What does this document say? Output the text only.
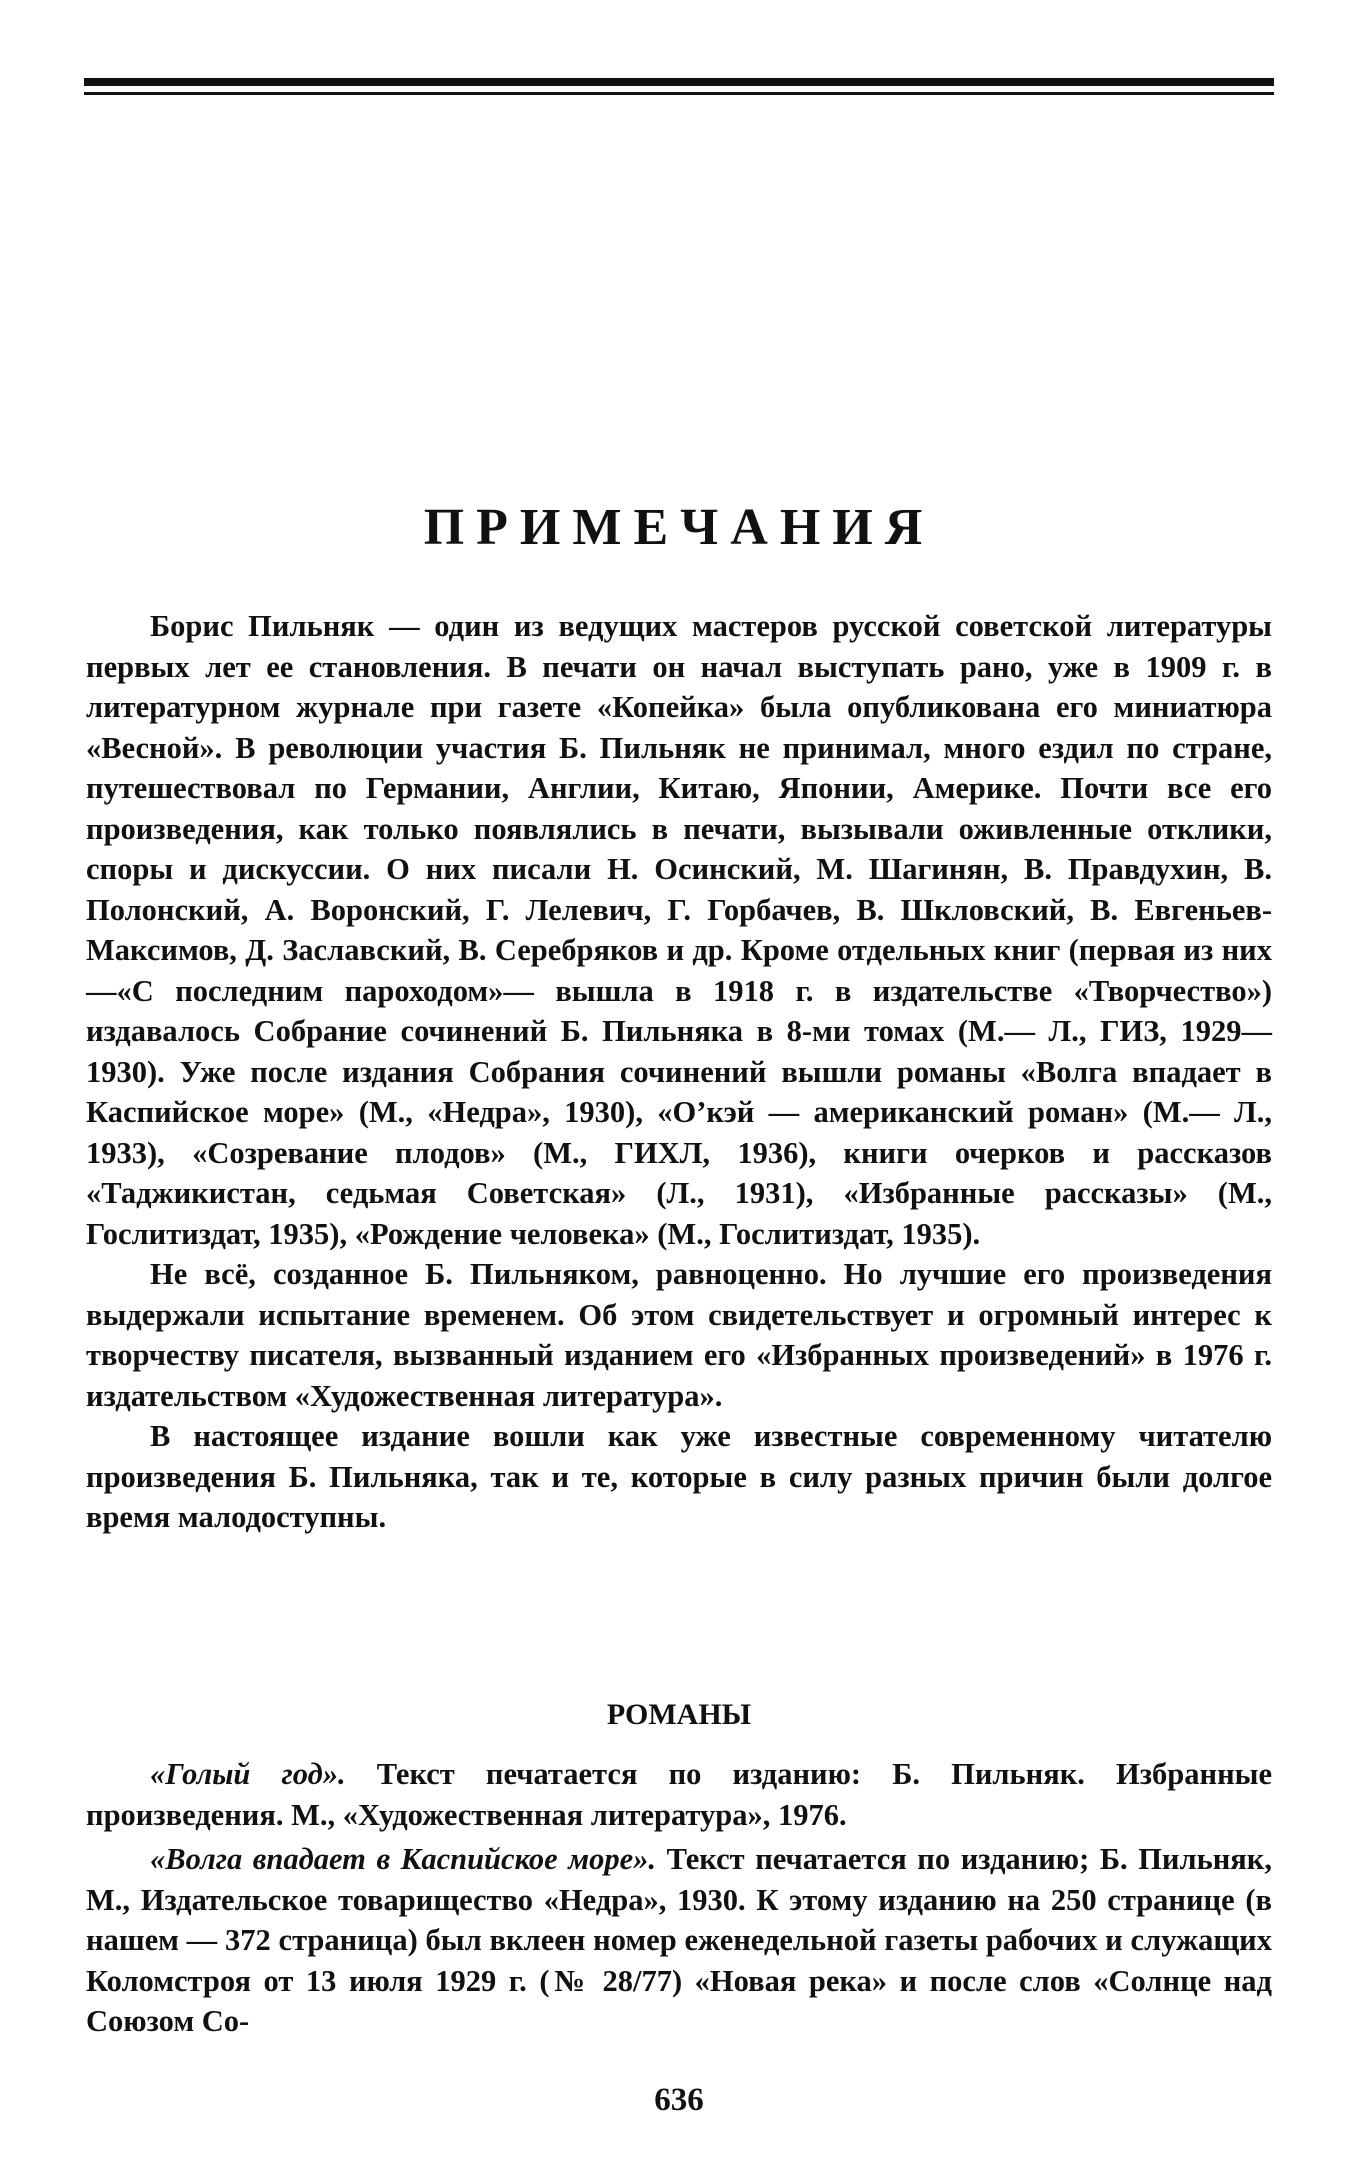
ПРИМЕЧАНИЯ

Борис Пильняк — один из ведущих мастеров русской советской литературы первых лет ее становления. В печати он начал выступать рано, уже в 1909 г. в литературном журнале при газете «Копейка» была опубликована его миниатюра «Весной». В революции участия Б. Пильняк не принимал, много ездил по стране, путешествовал по Германии, Англии, Китаю, Японии, Америке. Почти все его произведения, как только появлялись в печати, вызывали оживленные отклики, споры и дискуссии. О них писали Н. Осинский, М. Шагинян, В. Правдухин, В. Полонский, А. Воронский, Г. Лелевич, Г. Горбачев, В. Шкловский, В. Евгеньев-Максимов, Д. Заславский, В. Серебряков и др. Кроме отдельных книг (первая из них —«С последним пароходом»— вышла в 1918 г. в издательстве «Творчество») издавалось Собрание сочинений Б. Пильняка в 8-ми томах (М.— Л., ГИЗ, 1929—1930). Уже после издания Собрания сочинений вышли романы «Волга впадает в Каспийское море» (М., «Недра», 1930), «О’кэй — американский роман» (М.— Л., 1933), «Созревание плодов» (М., ГИХЛ, 1936), книги очерков и рассказов «Таджикистан, седьмая Советская» (Л., 1931), «Избранные рассказы» (М., Гослитиздат, 1935), «Рождение человека» (М., Гослитиздат, 1935).

Не всё, созданное Б. Пильняком, равноценно. Но лучшие его произведения выдержали испытание временем. Об этом свидетельствует и огромный интерес к творчеству писателя, вызванный изданием его «Избранных произведений» в 1976 г. издательством «Художественная литература».

В настоящее издание вошли как уже известные современному читателю произведения Б. Пильняка, так и те, которые в силу разных причин были долгое время малодоступны.

РОМАНЫ

«Голый год». Текст печатается по изданию: Б. Пильняк. Избранные произведения. М., «Художественная литература», 1976.

«Волга впадает в Каспийское море». Текст печатается по изданию; Б. Пильняк, М., Издательское товарищество «Недра», 1930. К этому изданию на 250 странице (в нашем — 372 страница) был вклеен номер еженедельной газеты рабочих и служащих Коломстроя от 13 июля 1929 г. (№ 28/77) «Новая река» и после слов «Солнце над Союзом Со-

636
